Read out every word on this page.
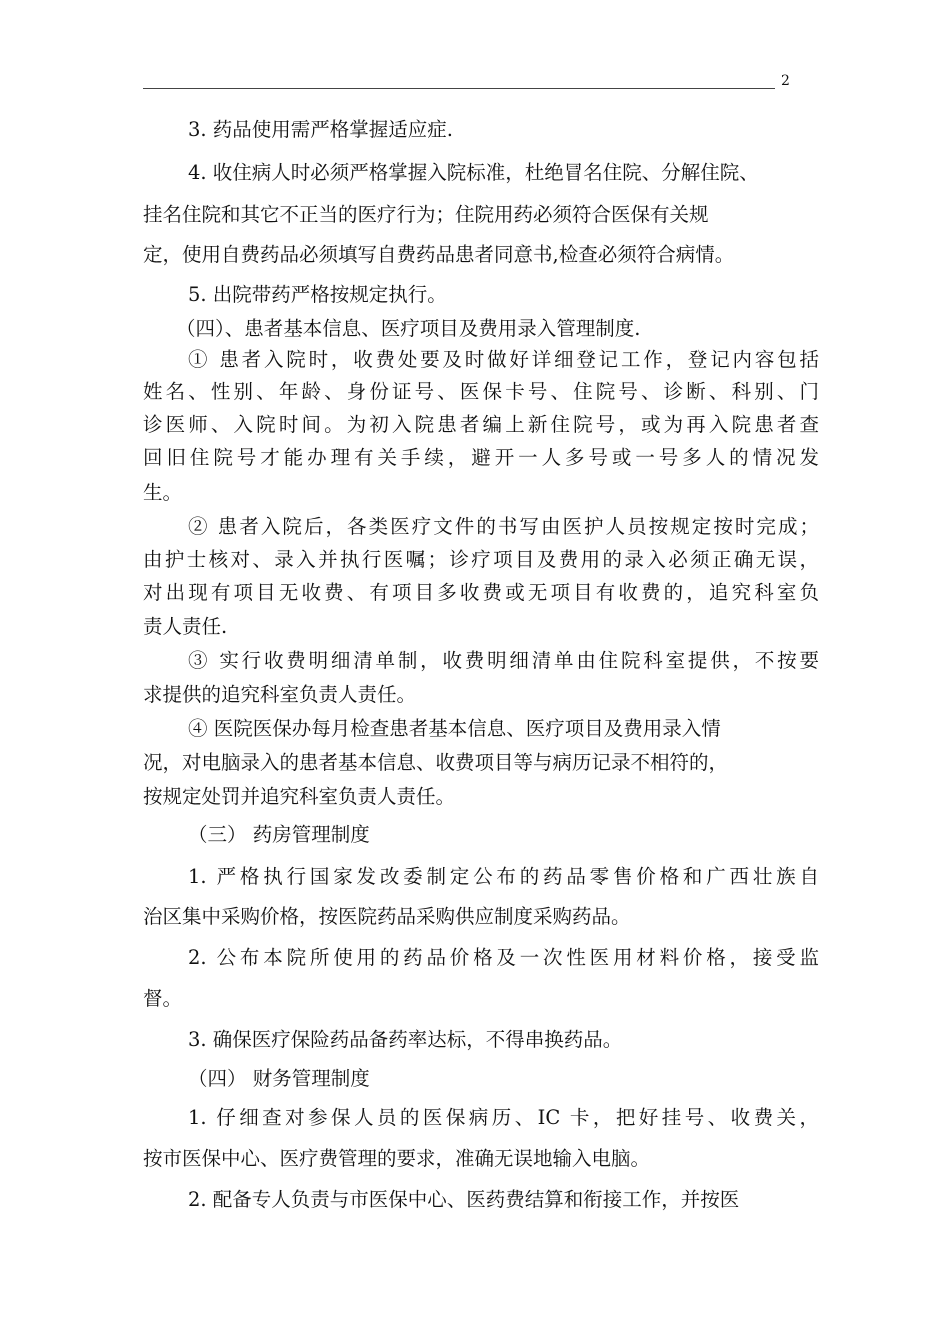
2
3. 药品使用需严格掌握适应症.
4. 收住病人时必须严格掌握入院标准，杜绝冒名住院、分解住院、
挂名住院和其它不正当的医疗行为；住院用药必须符合医保有关规
定，使用自费药品必须填写自费药品患者同意书,检查必须符合病情。
5. 出院带药严格按规定执行。
（四）、患者基本信息、医疗项目及费用录入管理制度.
① 患者入院时，收费处要及时做好详细登记工作，登记内容包括
姓名、性别、年龄、身份证号、医保卡号、住院号、诊断、科别、门
诊医师、入院时间。为初入院患者编上新住院号，或为再入院患者查
回旧住院号才能办理有关手续，避开一人多号或一号多人的情况发
生。
② 患者入院后，各类医疗文件的书写由医护人员按规定按时完成；
由护士核对、录入并执行医嘱；诊疗项目及费用的录入必须正确无误，
对出现有项目无收费、有项目多收费或无项目有收费的，追究科室负
责人责任.
③ 实行收费明细清单制，收费明细清单由住院科室提供，不按要
求提供的追究科室负责人责任。
④ 医院医保办每月检查患者基本信息、医疗项目及费用录入情
况，对电脑录入的患者基本信息、收费项目等与病历记录不相符的，
按规定处罚并追究科室负责人责任。
（三） 药房管理制度
1. 严格执行国家发改委制定公布的药品零售价格和广西壮族自
治区集中采购价格，按医院药品采购供应制度采购药品。
2. 公布本院所使用的药品价格及一次性医用材料价格，接受监
督。
3. 确保医疗保险药品备药率达标，不得串换药品。
（四） 财务管理制度
1. 仔细查对参保人员的医保病历、IC 卡，把好挂号、收费关，
按市医保中心、医疗费管理的要求，准确无误地输入电脑。
2. 配备专人负责与市医保中心、医药费结算和衔接工作，并按医
